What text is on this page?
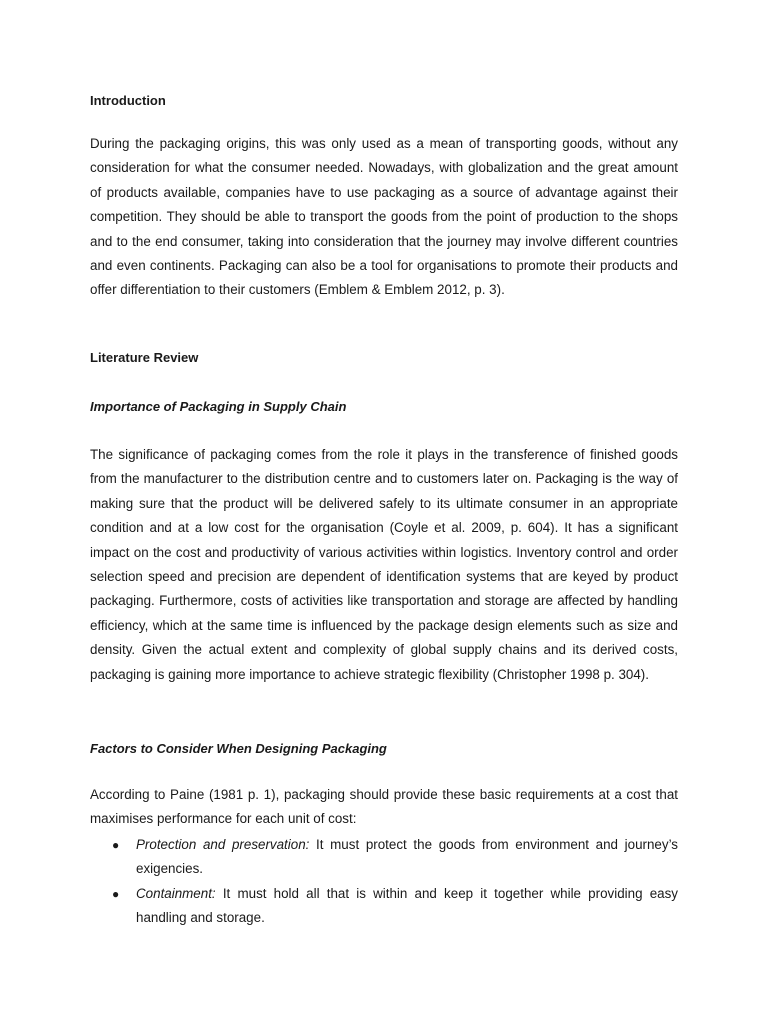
Introduction

During the packaging origins, this was only used as a mean of transporting goods, without any consideration for what the consumer needed. Nowadays, with globalization and the great amount of products available, companies have to use packaging as a source of advantage against their competition. They should be able to transport the goods from the point of production to the shops and to the end consumer, taking into consideration that the journey may involve different countries and even continents. Packaging can also be a tool for organisations to promote their products and offer differentiation to their customers (Emblem & Emblem 2012, p. 3).

Literature Review
Importance of Packaging in Supply Chain

The significance of packaging comes from the role it plays in the transference of finished goods from the manufacturer to the distribution centre and to customers later on. Packaging is the way of making sure that the product will be delivered safely to its ultimate consumer in an appropriate condition and at a low cost for the organisation (Coyle et al. 2009, p. 604). It has a significant impact on the cost and productivity of various activities within logistics. Inventory control and order selection speed and precision are dependent of identification systems that are keyed by product packaging. Furthermore, costs of activities like transportation and storage are affected by handling efficiency, which at the same time is influenced by the package design elements such as size and density. Given the actual extent and complexity of global supply chains and its derived costs, packaging is gaining more importance to achieve strategic flexibility (Christopher 1998 p. 304).

Factors to Consider When Designing Packaging

According to Paine (1981 p. 1), packaging should provide these basic requirements at a cost that maximises performance for each unit of cost:

● Protection and preservation: It must protect the goods from environment and journey’s exigencies.
● Containment: It must hold all that is within and keep it together while providing easy handling and storage.
